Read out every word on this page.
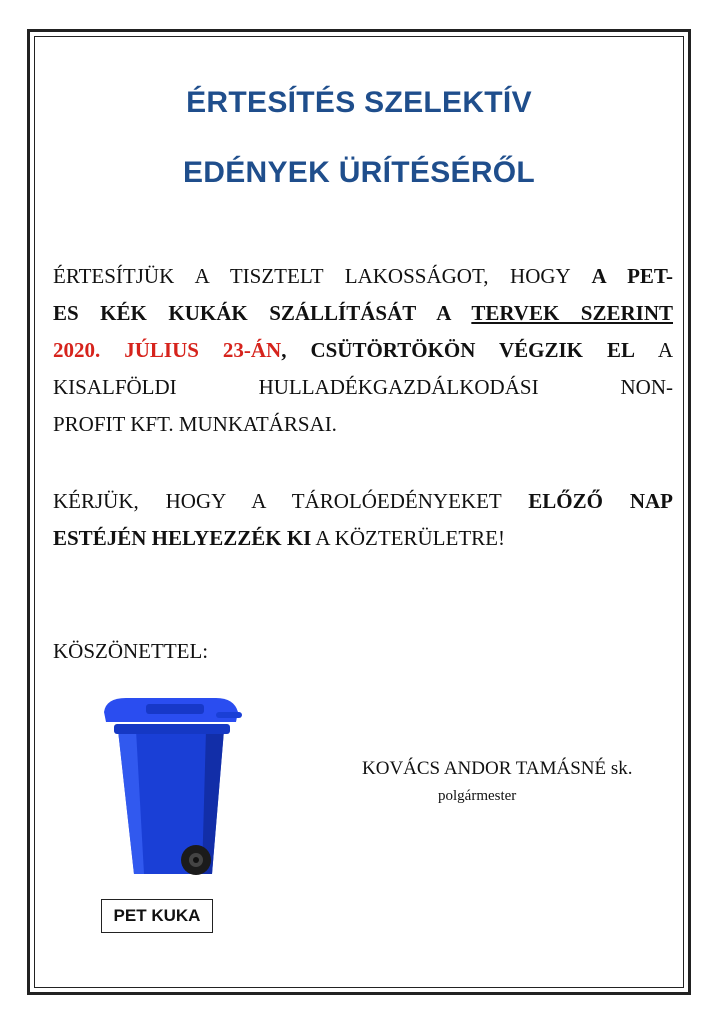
ÉRTESÍTÉS SZELEKTÍV
EDÉNYEK ÜRÍTÉSÉRŐL
ÉRTESÍTJÜK A TISZTELT LAKOSSÁGOT, HOGY A PET-
ES KÉK KUKÁK SZÁLLÍTÁSÁT A TERVEK SZERINT
2020. JÚLIUS 23-ÁN, CSÜTÖRTÖKÖN VÉGZIK EL A
KISALFÖLDI HULLADÉKGAZDÁLKODÁSI NON-
PROFIT KFT. MUNKATÁRSAI.
KÉRJÜK, HOGY A TÁROLÓEDÉNYEKET ELŐZŐ NAP
ESTÉJÉN HELYEZZÉK KI A KÖZTERÜLETRE!
KÖSZÖNETTEL:
PET KUKA
KOVÁCS ANDOR TAMÁSNÉ sk.
polgármester
